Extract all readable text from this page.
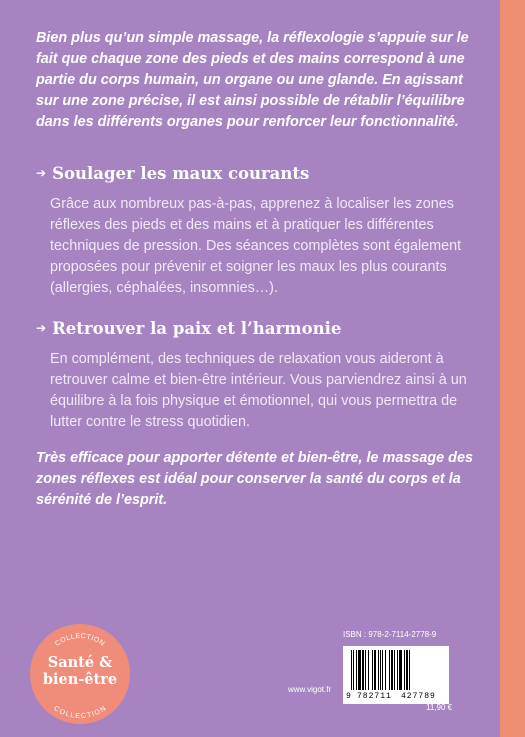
Bien plus qu’un simple massage, la réflexologie s’appuie sur le fait que chaque zone des pieds et des mains correspond à une partie du corps humain, un organe ou une glande. En agissant sur une zone précise, il est ainsi possible de rétablir l’équilibre dans les différents organes pour renforcer leur fonctionnalité.

➔ Soulager les maux courants

Grâce aux nombreux pas-à-pas, apprenez à localiser les zones réflexes des pieds et des mains et à pratiquer les différentes techniques de pression. Des séances complètes sont également proposées pour prévenir et soigner les maux les plus courants (allergies, céphalées, insomnies…).

➔ Retrouver la paix et l’harmonie

En complément, des techniques de relaxation vous aideront à retrouver calme et bien-être intérieur. Vous parviendrez ainsi à un équilibre à la fois physique et émotionnel, qui vous permettra de lutter contre le stress quotidien.

Très efficace pour apporter détente et bien-être, le massage des zones réflexes est idéal pour conserver la santé du corps et la sérénité de l’esprit.

COLLECTION
COLLECTION
Santé &
bien-être
www.vigot.fr
ISBN : 978-2-7114-2778-9
9 782711 427789
11,90 €
